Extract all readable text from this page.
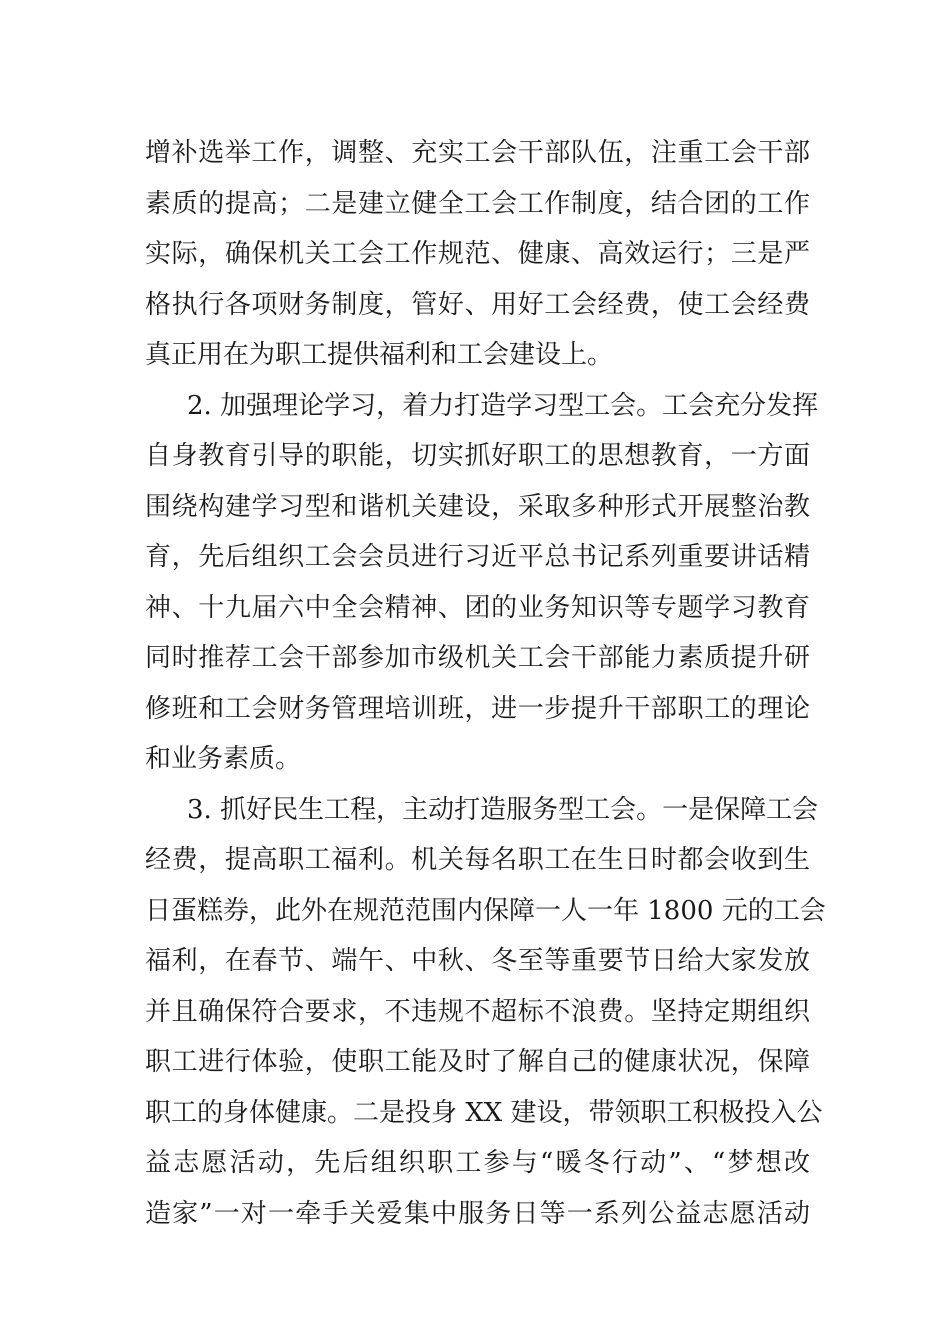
增补选举工作，调整、充实工会干部队伍，注重工会干部
素质的提高；二是建立健全工会工作制度，结合团的工作
实际，确保机关工会工作规范、健康、高效运行；三是严
格执行各项财务制度，管好、用好工会经费，使工会经费
真正用在为职工提供福利和工会建设上。
2. 加强理论学习，着力打造学习型工会。工会充分发挥
自身教育引导的职能，切实抓好职工的思想教育，一方面
围绕构建学习型和谐机关建设，采取多种形式开展整治教
育，先后组织工会会员进行习近平总书记系列重要讲话精
神、十九届六中全会精神、团的业务知识等专题学习教育
同时推荐工会干部参加市级机关工会干部能力素质提升研
修班和工会财务管理培训班，进一步提升干部职工的理论
和业务素质。
3. 抓好民生工程，主动打造服务型工会。一是保障工会
经费，提高职工福利。机关每名职工在生日时都会收到生
日蛋糕券，此外在规范范围内保障一人一年 1800 元的工会
福利，在春节、端午、中秋、冬至等重要节日给大家发放
并且确保符合要求，不违规不超标不浪费。坚持定期组织
职工进行体验，使职工能及时了解自己的健康状况，保障
职工的身体健康。二是投身 XX 建设，带领职工积极投入公
益志愿活动，先后组织职工参与“暖冬行动”、“梦想改
造家”一对一牵手关爱集中服务日等一系列公益志愿活动
